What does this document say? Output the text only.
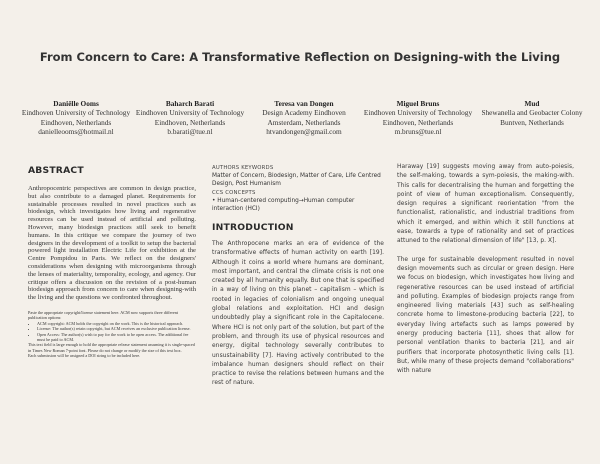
From Concern to Care: A Transformative Reflection on Designing-with the Living
Daniëlle Ooms
Eindhoven University of Technology
Eindhoven, Netherlands
danielleooms@hotmail.nl
Baharch Barati
Eindhoven University of Technology
Eindhoven, Netherlands
b.barati@tue.nl
Teresa van Dongen
Design Academy Eindhoven
Amsterdam, Netherlands
htvandongen@gmail.com
Miguel Bruns
Eindhoven University of Technology
Eindhoven, Netherlands
m.bruns@tue.nl
Mud
Shewanella and Geobacter Colony
Buntven, Netherlands
ABSTRACT
Anthropocentric perspectives are common in design practice, but also contribute to a damaged planet. Requirements for sustainable processes resulted in novel practices such as biodesign, which investigates how living and regenerative resources can be used instead of artificial and polluting. However, many biodesign practices still seek to benefit humans. In this critique we compare the journey of two designers in the development of a toolkit to setup the bacterial powered light installation Electric Life for exhibition at the Centre Pompidou in Paris. We reflect on the designers' considerations when designing with microorganisms through the lenses of materiality, temporality, ecology, and agency. Our critique offers a discussion on the revision of a post-human biodesign approach from concern to care when designing-with the living and the questions we confronted throughout.
Paste the appropriate copyright/license statement here. ACM now supports three different publication options:
• ACM copyright: ACM holds the copyright on the work. This is the historical approach.
• License: The author(s) retain copyright, but ACM receives an exclusive publication license.
• Open Access: The author(s) wish to pay for the work to be open access. The additional fee must be paid to ACM.
This text field is large enough to hold the appropriate release statement assuming it is single-spaced in Times New Roman 7-point font. Please do not change or modify the size of this text box.
Each submission will be assigned a DOI string to be included here.
AUTHORS KEYWORDS
Matter of Concern, Biodesign, Matter of Care, Life Centred Design, Post Humanism
CCS CONCEPTS
• Human-centered computing→Human computer interaction (HCI)
INTRODUCTION
The Anthropocene marks an era of evidence of the transformative effects of human activity on earth [19]. Although it coins a world where humans are dominant, most important, and central the climate crisis is not one created by all humanity equally. But one that is specified in a way of living on this planet – capitalism – which is rooted in legacies of colonialism and ongoing unequal global relations and exploitation. HCI and design undoubtedly play a significant role in the Capitalocene. Where HCI is not only part of the solution, but part of the problem, and through its use of physical resources and energy, digital technology severally contributes to unsustainability [7]. Having actively contributed to the imbalance human designers should reflect on their practice to revise the relations between humans and the rest of nature.
Haraway [19] suggests moving away from auto-poiesis, the self-making, towards a sym-poiesis, the making-with. This calls for decentralising the human and forgetting the point of view of human exceptionalism. Consequently, design requires a significant reorientation "from the functionalist, rationalistic, and industrial traditions from which it emerged, and within which it still functions at ease, towards a type of rationality and set of practices attuned to the relational dimension of life" [13, p. X].
The urge for sustainable development resulted in novel design movements such as circular or green design. Here we focus on biodesign, which investigates how living and regenerative resources can be used instead of artificial and polluting. Examples of biodesign projects range from engineered living materials [43] such as self-healing concrete home to limestone-producing bacteria [22], to everyday living artefacts such as lamps powered by energy producing bacteria [11], shoes that allow for personal ventilation thanks to bacteria [21], and air purifiers that incorporate photosynthetic living cells [1]. But, while many of these projects demand "collaborations" with nature
